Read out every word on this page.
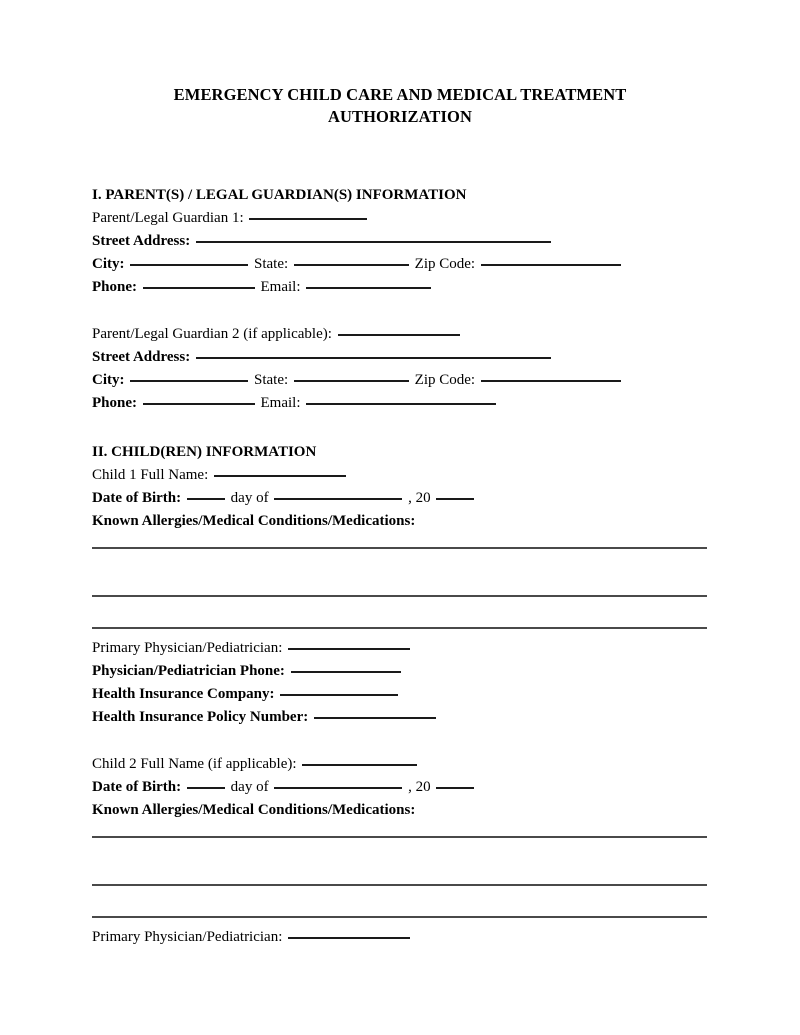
EMERGENCY CHILD CARE AND MEDICAL TREATMENT
AUTHORIZATION
I. PARENT(S) / LEGAL GUARDIAN(S) INFORMATION
Parent/Legal Guardian 1:
Street Address:
City:	State:	Zip Code:
Phone:	Email:
Parent/Legal Guardian 2 (if applicable):
Street Address:
City:	State:	Zip Code:
Phone:	Email:
II. CHILD(REN) INFORMATION
Child 1 Full Name:
Date of Birth:	day of	, 20
Known Allergies/Medical Conditions/Medications:
Primary Physician/Pediatrician:
Physician/Pediatrician Phone:
Health Insurance Company:
Health Insurance Policy Number:
Child 2 Full Name (if applicable):
Date of Birth:	day of	, 20
Known Allergies/Medical Conditions/Medications:
Primary Physician/Pediatrician:
